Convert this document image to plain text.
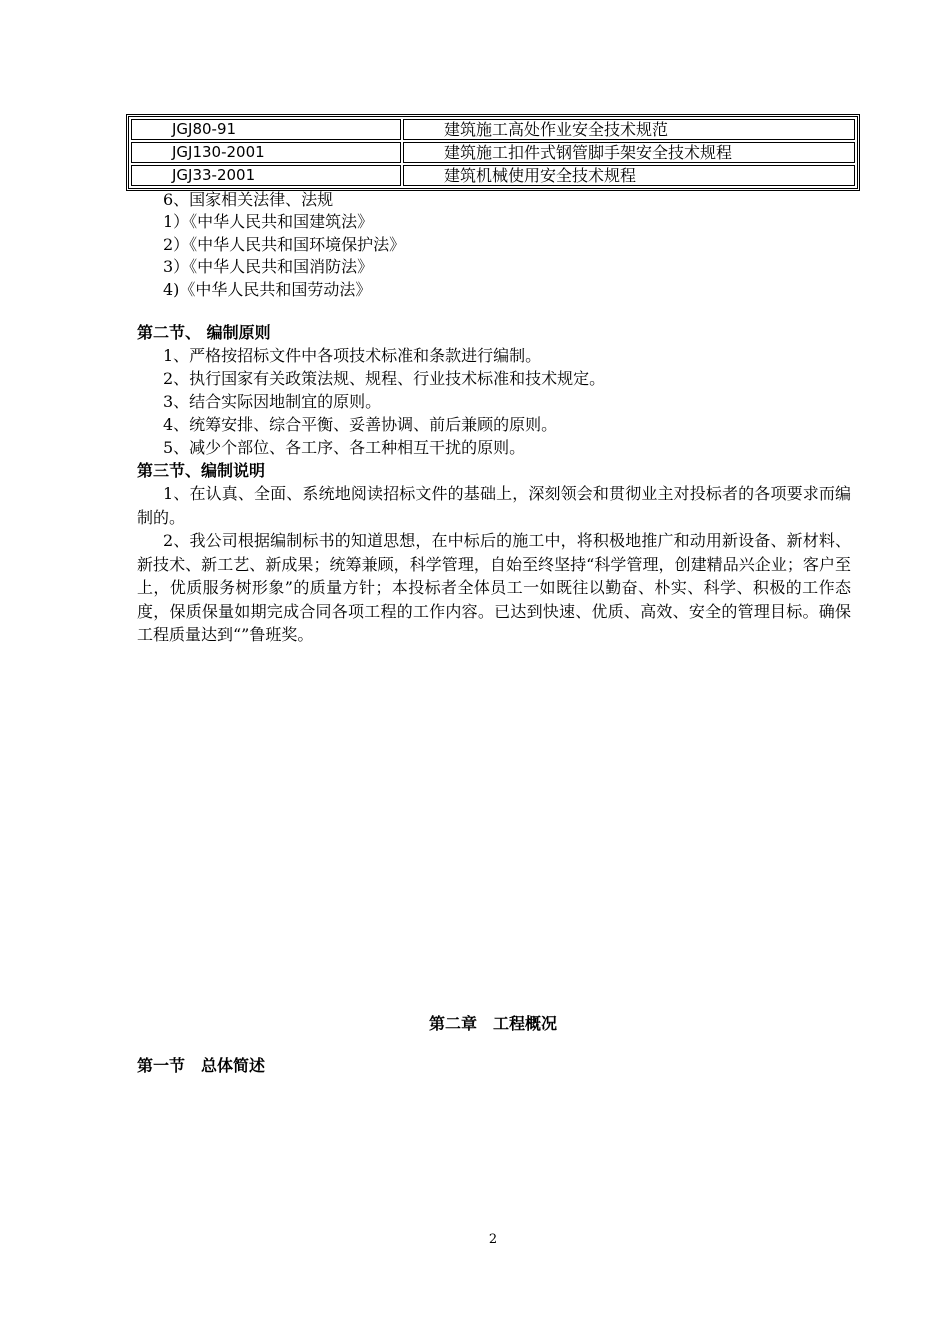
JGJ80-91	建筑施工高处作业安全技术规范
JGJ130-2001	建筑施工扣件式钢管脚手架安全技术规程
JGJ33-2001	建筑机械使用安全技术规程
6、国家相关法律、法规
1）《中华人民共和国建筑法》
2）《中华人民共和国环境保护法》
3）《中华人民共和国消防法》
4)《中华人民共和国劳动法》
第二节、 编制原则
1、严格按招标文件中各项技术标准和条款进行编制。
2、执行国家有关政策法规、规程、行业技术标准和技术规定。
3、结合实际因地制宜的原则。
4、统筹安排、综合平衡、妥善协调、前后兼顾的原则。
5、减少个部位、各工序、各工种相互干扰的原则。
第三节、编制说明

1、在认真、全面、系统地阅读招标文件的基础上，深刻领会和贯彻业主对投标者的各项要求而编制的。

2、我公司根据编制标书的知道思想，在中标后的施工中，将积极地推广和动用新设备、新材料、新技术、新工艺、新成果；统筹兼顾，科学管理，自始至终坚持“科学管理，创建精品兴企业；客户至上，优质服务树形象”的质量方针；本投标者全体员工一如既往以勤奋、朴实、科学、积极的工作态度，保质保量如期完成合同各项工程的工作内容。已达到快速、优质、高效、安全的管理目标。确保工程质量达到“”鲁班奖。

第二章　工程概况
第一节　总体简述
2
